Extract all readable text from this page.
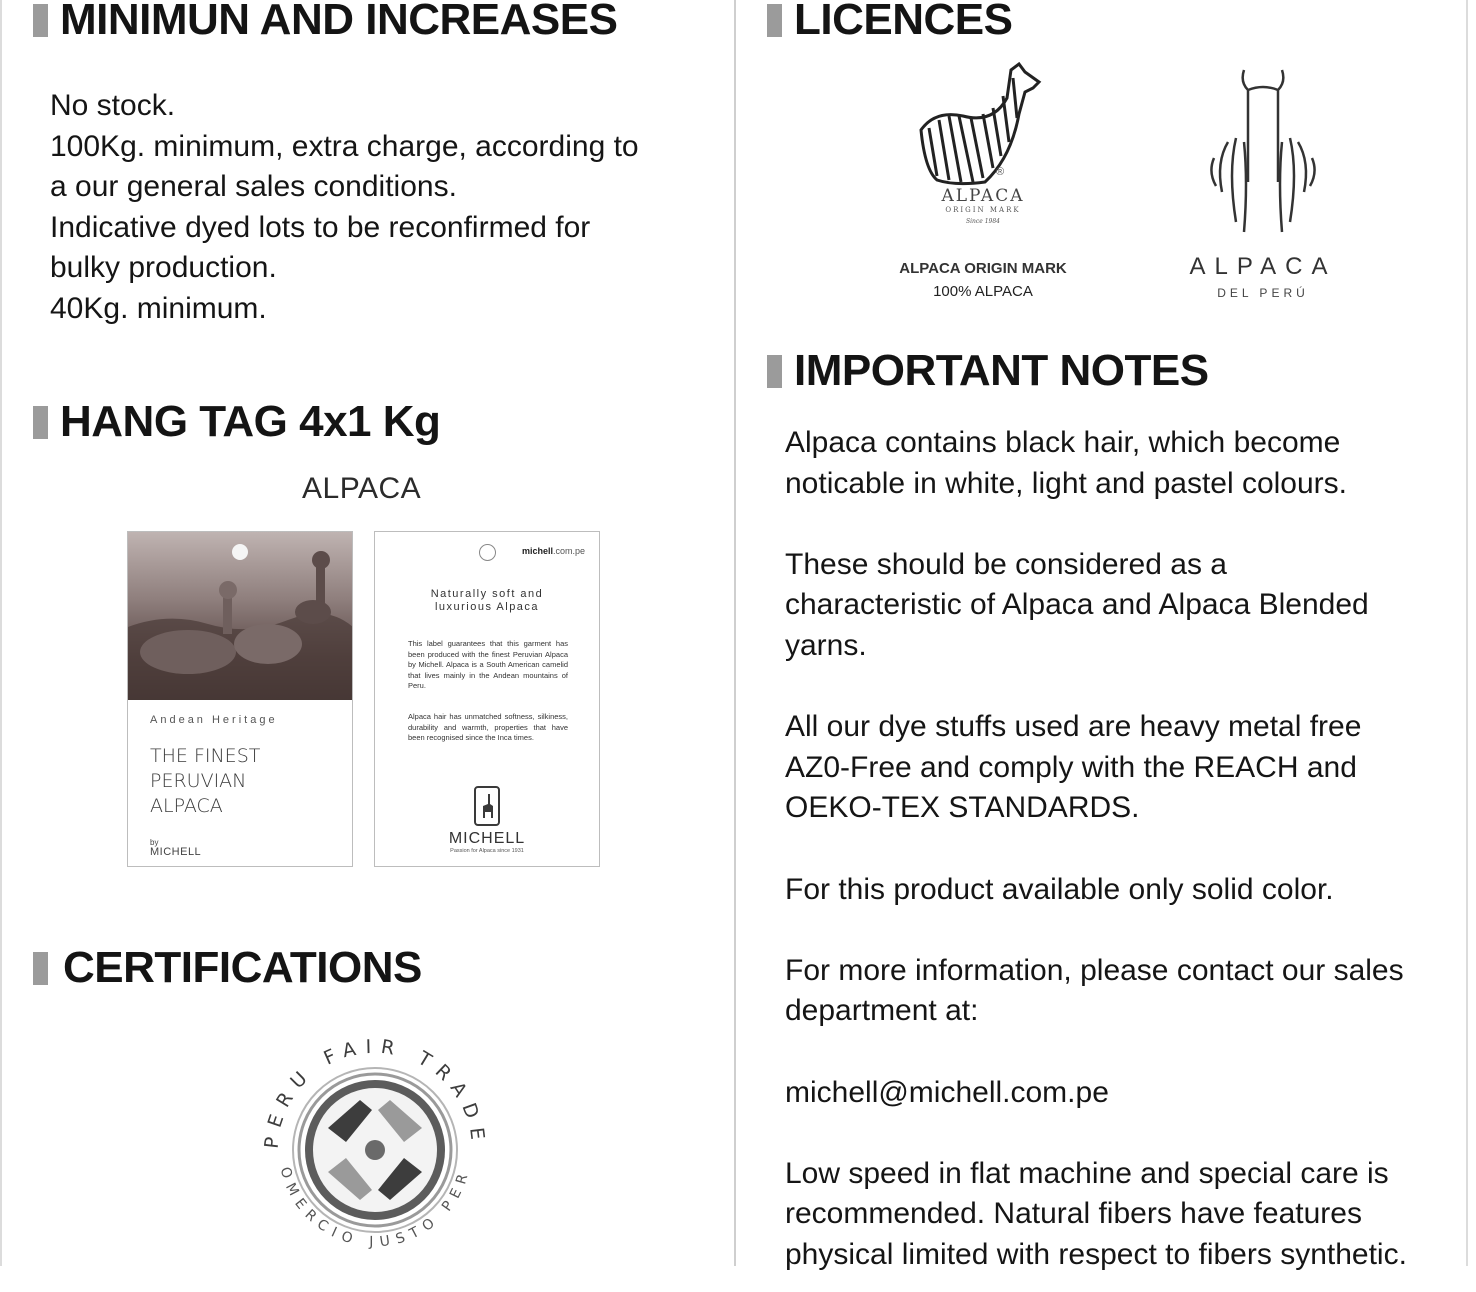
MINIMUN AND INCREASES

No stock.

100Kg. minimum, extra charge, according to

a our general sales conditions.

Indicative dyed lots to be reconfirmed for

bulky production.

40Kg. minimum.

HANG TAG 4x1 Kg
ALPACA
Andean Heritage
THE FINEST
PERUVIAN
ALPACA
by
MICHELL
michell.com.pe
Naturally soft and
luxurious Alpaca
This label guarantees that this garment has been produced with the finest Peruvian Alpaca by Michell. Alpaca is a South American camelid that lives mainly in the Andean mountains of Peru.
Alpaca hair has unmatched softness, silkiness, durability and warmth, properties that have been recognised since the Inca times.
MICHELL
Passion for Alpaca since 1931
CERTIFICATIONS
PERU FAIR TRADE
OMERCIO JUSTO PER
LICENCES
®
ALPACA
ORIGIN MARK
Since 1984
ALPACA ORIGIN MARK
100% ALPACA
ALPACA
DEL PERÚ
IMPORTANT NOTES

Alpaca contains black hair, which become

noticable in white, light and pastel colours.

These should be considered as a

characteristic of Alpaca and Alpaca Blended

yarns.

All our dye stuffs used are heavy metal free

AZ0-Free and comply with the REACH and

OEKO-TEX STANDARDS.

For this product available only solid color.

For more information, please contact our sales

department at:

michell@michell.com.pe

Low speed in flat machine and special care is

recommended. Natural fibers have features

physical limited with respect to fibers synthetic.
